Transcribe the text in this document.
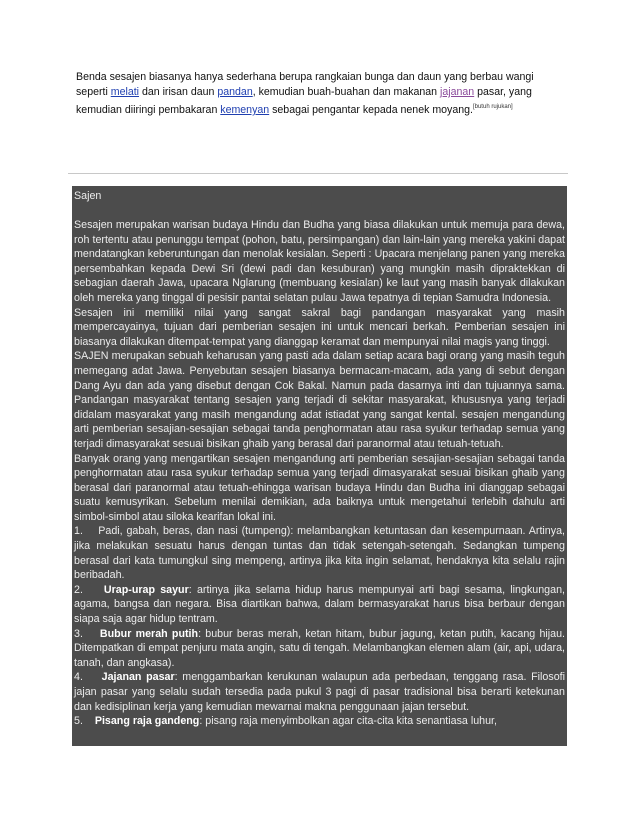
Benda sesajen biasanya hanya sederhana berupa rangkaian bunga dan daun yang berbau wangi seperti melati dan irisan daun pandan, kemudian buah-buahan dan makanan jajanan pasar, yang kemudian diiringi pembakaran kemenyan sebagai pengantar kepada nenek moyang.[butuh rujukan]
Sajen

Sesajen merupakan warisan budaya Hindu dan Budha yang biasa dilakukan untuk memuja para dewa, roh tertentu atau penunggu tempat (pohon, batu, persimpangan) dan lain-lain yang mereka yakini dapat mendatangkan keberuntungan dan menolak kesialan. Seperti : Upacara menjelang panen yang mereka persembahkan kepada Dewi Sri (dewi padi dan kesuburan) yang mungkin masih dipraktekkan di sebagian daerah Jawa, upacara Nglarung (membuang kesialan) ke laut yang masih banyak dilakukan oleh mereka yang tinggal di pesisir pantai selatan pulau Jawa tepatnya di tepian Samudra Indonesia.

Sesajen ini memiliki nilai yang sangat sakral bagi pandangan masyarakat yang masih mempercayainya, tujuan dari pemberian sesajen ini untuk mencari berkah. Pemberian sesajen ini biasanya dilakukan ditempat-tempat yang dianggap keramat dan mempunyai nilai magis yang tinggi.

SAJEN merupakan sebuah keharusan yang pasti ada dalam setiap acara bagi orang yang masih teguh memegang adat Jawa. Penyebutan sesajen biasanya bermacam-macam, ada yang di sebut dengan Dang Ayu dan ada yang disebut dengan Cok Bakal. Namun pada dasarnya inti dan tujuannya sama. Pandangan masyarakat tentang sesajen yang terjadi di sekitar masyarakat, khususnya yang terjadi didalam masyarakat yang masih mengandung adat istiadat yang sangat kental. sesajen mengandung arti pemberian sesajian-sesajian sebagai tanda penghormatan atau rasa syukur terhadap semua yang terjadi dimasyarakat sesuai bisikan ghaib yang berasal dari paranormal atau tetuah-tetuah.

Banyak orang yang mengartikan sesajen mengandung arti pemberian sesajian-sesajian sebagai tanda penghormatan atau rasa syukur terhadap semua yang terjadi dimasyarakat sesuai bisikan ghaib yang berasal dari paranormal atau tetuah-ehingga warisan budaya Hindu dan Budha ini dianggap sebagai suatu kemusyrikan. Sebelum menilai demikian, ada baiknya untuk mengetahui terlebih dahulu arti simbol-simbol atau siloka kearifan lokal ini.

1. Padi, gabah, beras, dan nasi (tumpeng): melambangkan ketuntasan dan kesempurnaan. Artinya, jika melakukan sesuatu harus dengan tuntas dan tidak setengah-setengah. Sedangkan tumpeng berasal dari kata tumungkul sing mempeng, artinya jika kita ingin selamat, hendaknya kita selalu rajin beribadah.

2. Urap-urap sayur: artinya jika selama hidup harus mempunyai arti bagi sesama, lingkungan, agama, bangsa dan negara. Bisa diartikan bahwa, dalam bermasyarakat harus bisa berbaur dengan siapa saja agar hidup tentram.

3. Bubur merah putih: bubur beras merah, ketan hitam, bubur jagung, ketan putih, kacang hijau. Ditempatkan di empat penjuru mata angin, satu di tengah. Melambangkan elemen alam (air, api, udara, tanah, dan angkasa).

4. Jajanan pasar: menggambarkan kerukunan walaupun ada perbedaan, tenggang rasa. Filosofi jajan pasar yang selalu sudah tersedia pada pukul 3 pagi di pasar tradisional bisa berarti ketekunan dan kedisiplinan kerja yang kemudian mewarnai makna penggunaan jajan tersebut.

5. Pisang raja gandeng: pisang raja menyimbolkan agar cita-cita kita senantiasa luhur,
